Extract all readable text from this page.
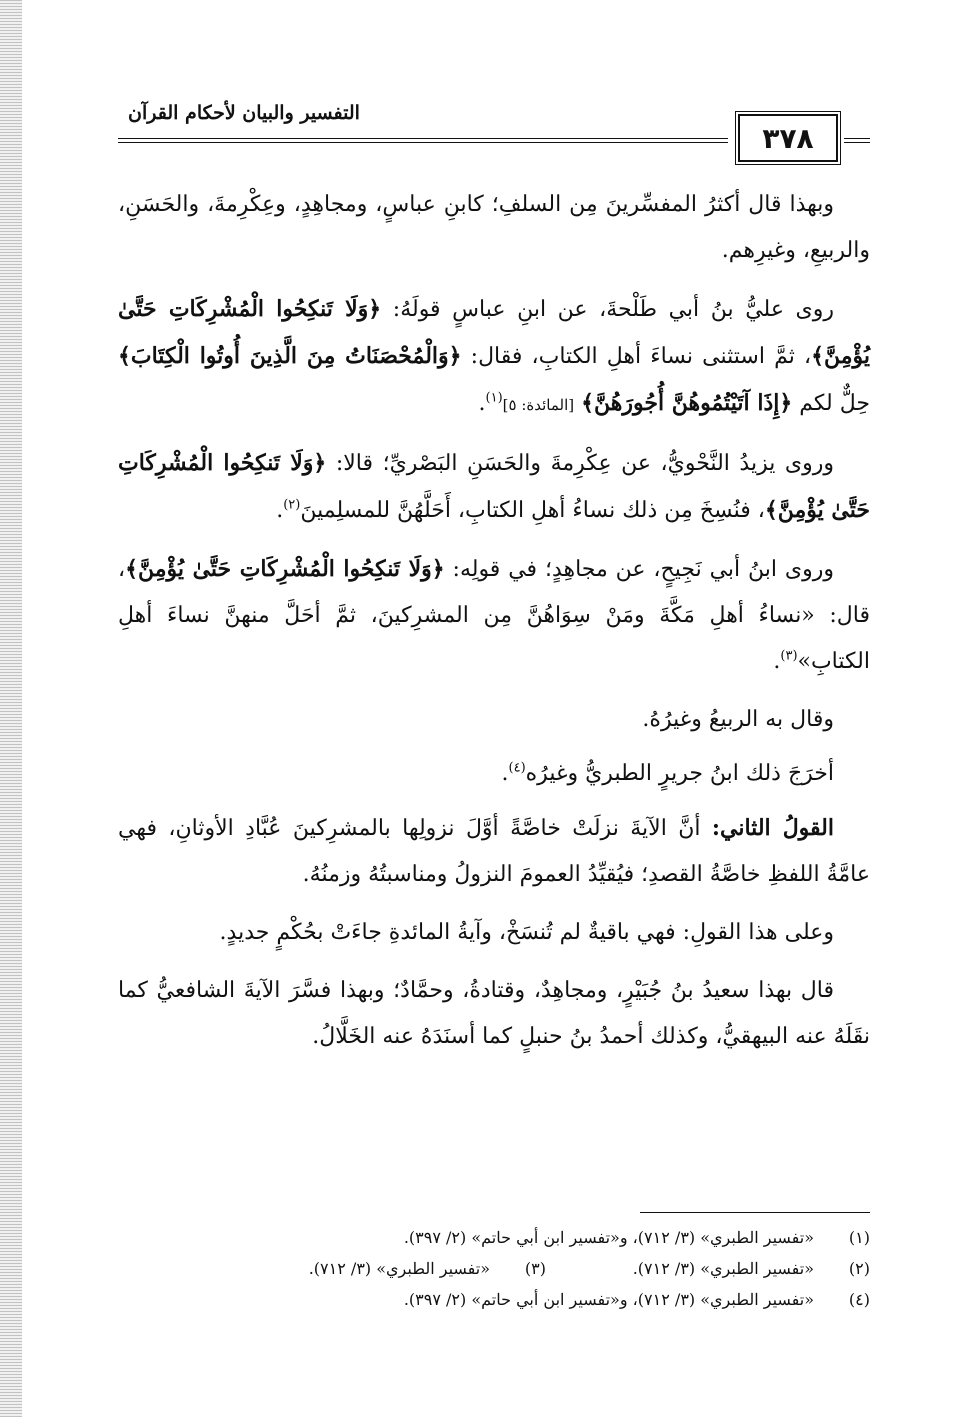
التفسير والبيان لأحكام القرآن
٣٧٨

وبهذا قال أكثرُ المفسِّرينَ مِن السلفِ؛ كابنِ عباسٍ، ومجاهِدٍ، وعِكْرِمةَ، والحَسَنِ، والربيعِ، وغيرِهم.

روى عليُّ بنُ أبي طَلْحةَ، عن ابنِ عباسٍ قولَهُ: ﴿وَلَا تَنكِحُوا الْمُشْرِكَاتِ حَتَّىٰ يُؤْمِنَّ﴾، ثمَّ استثنى نساءَ أهلِ الكتابِ، فقال: ﴿وَالْمُحْصَنَاتُ مِنَ الَّذِينَ أُوتُوا الْكِتَابَ﴾ حِلٌّ لكم ﴿إِذَا آتَيْتُمُوهُنَّ أُجُورَهُنَّ﴾ [المائدة: ٥]$^{(١)}$.

وروى يزيدُ النَّحْويُّ، عن عِكْرِمةَ والحَسَنِ البَصْريِّ؛ قالا: ﴿وَلَا تَنكِحُوا الْمُشْرِكَاتِ حَتَّىٰ يُؤْمِنَّ﴾، فنُسِخَ مِن ذلك نساءُ أهلِ الكتابِ، أَحَلَّهُنَّ للمسلِمينَ$^{(٢)}$.

وروى ابنُ أبي نَجِيحٍ، عن مجاهِدٍ؛ في قولِه: ﴿وَلَا تَنكِحُوا الْمُشْرِكَاتِ حَتَّىٰ يُؤْمِنَّ﴾، قال: «نساءُ أهلِ مَكَّةَ ومَنْ سِوَاهُنَّ مِن المشرِكينَ، ثمَّ أحَلَّ منهنَّ نساءَ أهلِ الكتابِ»$^{(٣)}$.

وقال به الربيعُ وغيرُهُ.

أخرَجَ ذلك ابنُ جريرٍ الطبريُّ وغيرُه$^{(٤)}$.

القولُ الثاني: أنَّ الآيةَ نزلَتْ خاصَّةً أوَّلَ نزولِها بالمشرِكينَ عُبَّادِ الأوثانِ، فهي عامَّةُ اللفظِ خاصَّةُ القصدِ؛ فيُقيِّدُ العمومَ النزولُ ومناسبتُهُ وزمنُهُ.

وعلى هذا القولِ: فهي باقيةٌ لم تُنسَخْ، وآيةُ المائدةِ جاءَتْ بحُكْمٍ جديدٍ.

قال بهذا سعيدُ بنُ جُبَيْرٍ، ومجاهِدٌ، وقتادةُ، وحمَّادٌ؛ وبهذا فسَّرَ الآيةَ الشافعيُّ كما نقَلَهُ عنه البيهقيُّ، وكذلك أحمدُ بنُ حنبلٍ كما أسنَدَهُ عنه الخَلَّالُ.

(١)
«تفسير الطبري» (٣/ ٧١٢)، و«تفسير ابن أبي حاتم» (٢/ ٣٩٧).
(٢)
«تفسير الطبري» (٣/ ٧١٢).
(٣)
«تفسير الطبري» (٣/ ٧١٢).
(٤)
«تفسير الطبري» (٣/ ٧١٢)، و«تفسير ابن أبي حاتم» (٢/ ٣٩٧).
